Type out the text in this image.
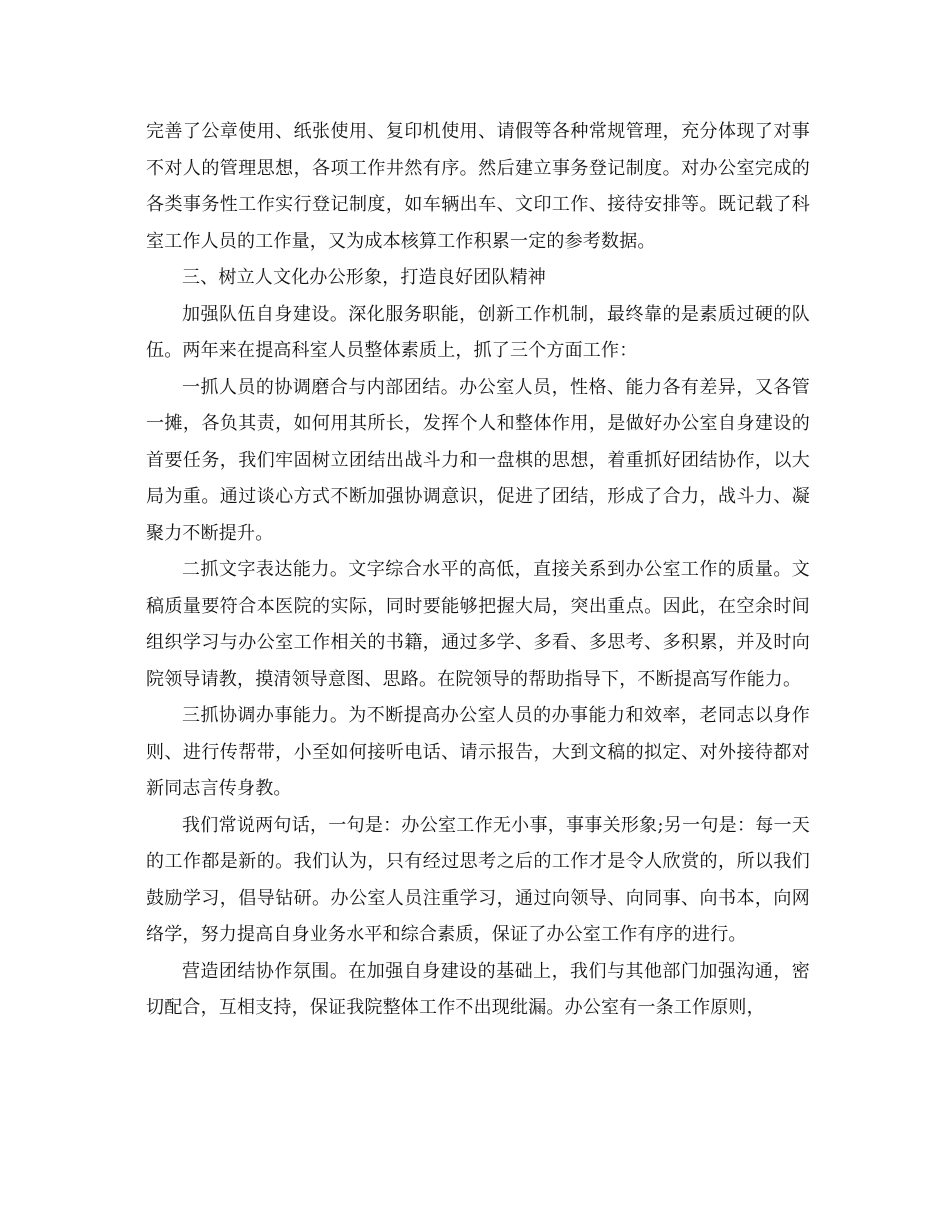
完善了公章使用、纸张使用、复印机使用、请假等各种常规管理，充分体现了对事不对人的管理思想，各项工作井然有序。然后建立事务登记制度。对办公室完成的各类事务性工作实行登记制度，如车辆出车、文印工作、接待安排等。既记载了科室工作人员的工作量，又为成本核算工作积累一定的参考数据。

三、树立人文化办公形象，打造良好团队精神

加强队伍自身建设。深化服务职能，创新工作机制，最终靠的是素质过硬的队伍。两年来在提高科室人员整体素质上，抓了三个方面工作：

一抓人员的协调磨合与内部团结。办公室人员，性格、能力各有差异，又各管一摊，各负其责，如何用其所长，发挥个人和整体作用，是做好办公室自身建设的首要任务，我们牢固树立团结出战斗力和一盘棋的思想，着重抓好团结协作，以大局为重。通过谈心方式不断加强协调意识，促进了团结，形成了合力，战斗力、凝聚力不断提升。

二抓文字表达能力。文字综合水平的高低，直接关系到办公室工作的质量。文稿质量要符合本医院的实际，同时要能够把握大局，突出重点。因此，在空余时间组织学习与办公室工作相关的书籍，通过多学、多看、多思考、多积累，并及时向院领导请教，摸清领导意图、思路。在院领导的帮助指导下，不断提高写作能力。

三抓协调办事能力。为不断提高办公室人员的办事能力和效率，老同志以身作则、进行传帮带，小至如何接听电话、请示报告，大到文稿的拟定、对外接待都对新同志言传身教。

我们常说两句话，一句是：办公室工作无小事，事事关形象;另一句是：每一天的工作都是新的。我们认为，只有经过思考之后的工作才是令人欣赏的，所以我们鼓励学习，倡导钻研。办公室人员注重学习，通过向领导、向同事、向书本，向网络学，努力提高自身业务水平和综合素质，保证了办公室工作有序的进行。

营造团结协作氛围。在加强自身建设的基础上，我们与其他部门加强沟通，密切配合，互相支持，保证我院整体工作不出现纰漏。办公室有一条工作原则，
